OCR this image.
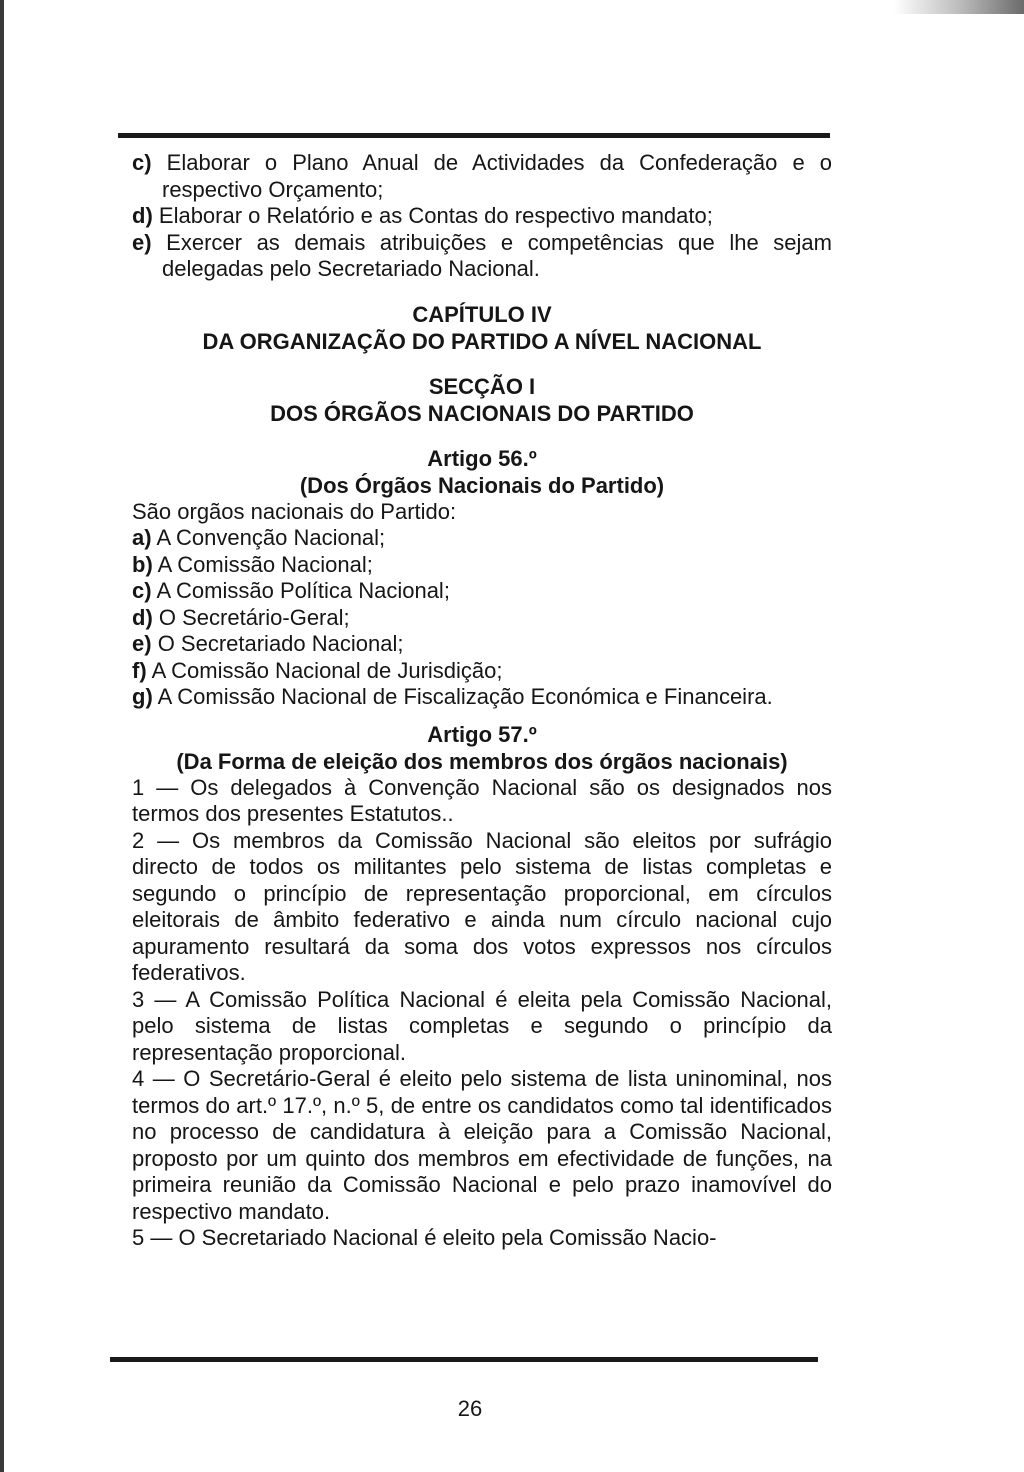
c) Elaborar o Plano Anual de Actividades da Confederação e o respectivo Orçamento;

d) Elaborar o Relatório e as Contas do respectivo mandato;

e) Exercer as demais atribuições e competências que lhe sejam delegadas pelo Secretariado Nacional.

CAPÍTULO IV

DA ORGANIZAÇÃO DO PARTIDO A NÍVEL NACIONAL

SECÇÃO I

DOS ÓRGÃOS NACIONAIS DO PARTIDO

Artigo 56.º

(Dos Órgãos Nacionais do Partido)

São orgãos nacionais do Partido:

a) A Convenção Nacional;

b) A Comissão Nacional;

c) A Comissão Política Nacional;

d) O Secretário-Geral;

e) O Secretariado Nacional;

f) A Comissão Nacional de Jurisdição;

g) A Comissão Nacional de Fiscalização Económica e Financeira.

Artigo 57.º

(Da Forma de eleição dos membros dos órgãos nacionais)

1 — Os delegados à Convenção Nacional são os designados nos termos dos presentes Estatutos..

2 — Os membros da Comissão Nacional são eleitos por sufrágio directo de todos os militantes pelo sistema de listas completas e segundo o princípio de representação proporcional, em círculos eleitorais de âmbito federativo e ainda num círculo nacional cujo apuramento resultará da soma dos votos expressos nos círculos federativos.

3 — A Comissão Política Nacional é eleita pela Comissão Nacional, pelo sistema de listas completas e segundo o princípio da representação proporcional.

4 — O Secretário-Geral é eleito pelo sistema de lista uninominal, nos termos do art.º 17.º, n.º 5, de entre os candidatos como tal identificados no processo de candidatura à eleição para a Comissão Nacional, proposto por um quinto dos membros em efectividade de funções, na primeira reunião da Comissão Nacional e pelo prazo inamovível do respectivo mandato.

5 — O Secretariado Nacional é eleito pela Comissão Nacio-

26
